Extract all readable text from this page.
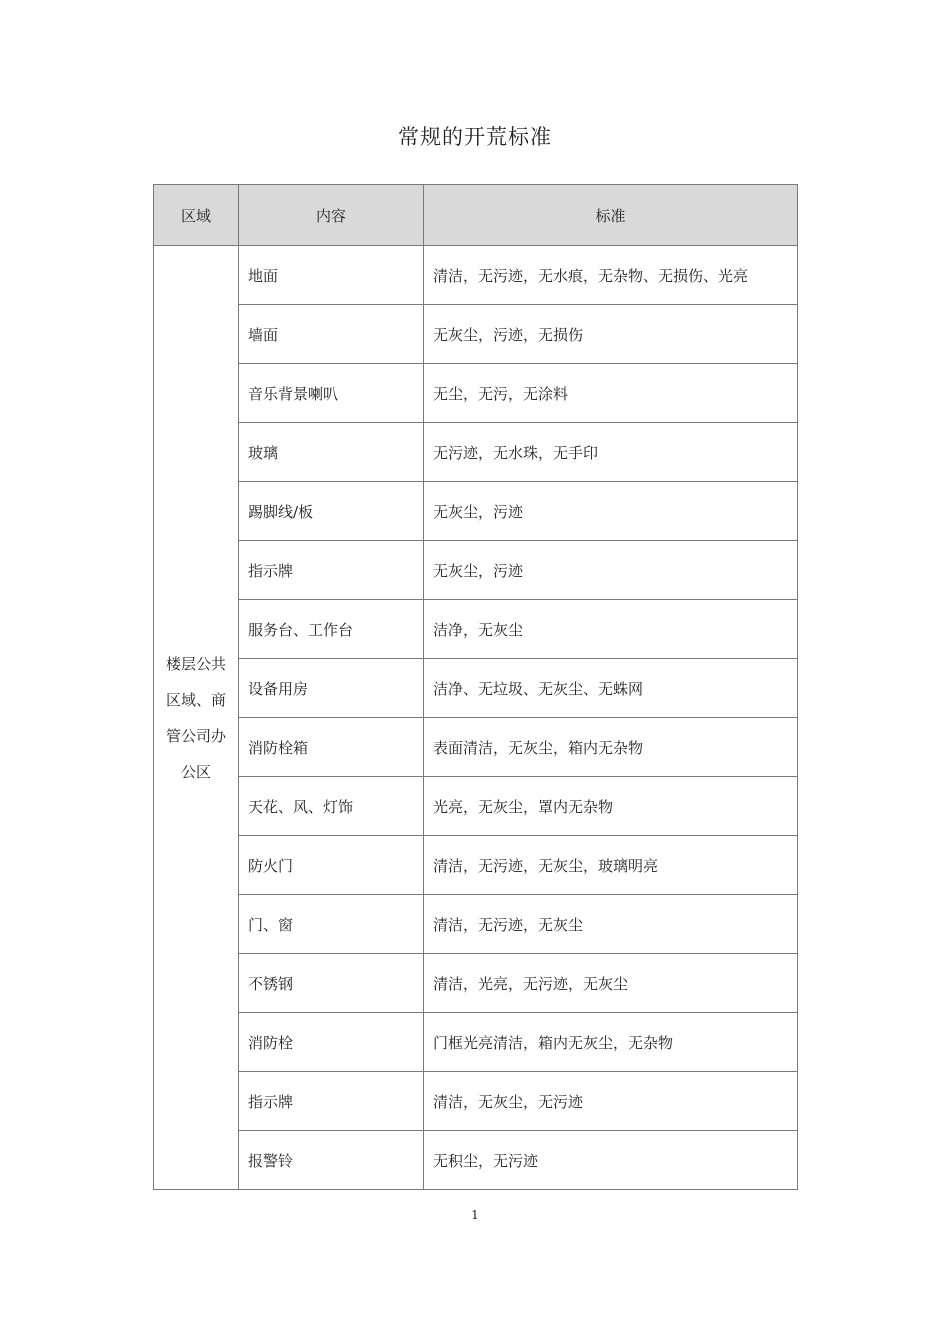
常规的开荒标准
区域	内容	标准

楼层公共
区域、商
管公司办
公区	地面	清洁，无污迹，无水痕，无杂物、无损伤、光亮
	墙面	无灰尘，污迹，无损伤
	音乐背景喇叭	无尘，无污，无涂料
	玻璃	无污迹，无水珠，无手印
	踢脚线/板	无灰尘，污迹
	指示牌	无灰尘，污迹
	服务台、工作台	洁净，无灰尘
	设备用房	洁净、无垃圾、无灰尘、无蛛网
	消防栓箱	表面清洁，无灰尘，箱内无杂物
	天花、风、灯饰	光亮，无灰尘，罩内无杂物
	防火门	清洁，无污迹，无灰尘，玻璃明亮
	门、窗	清洁，无污迹，无灰尘
	不锈钢	清洁，光亮，无污迹，无灰尘
	消防栓	门框光亮清洁，箱内无灰尘，无杂物
	指示牌	清洁，无灰尘，无污迹
	报警铃	无积尘，无污迹
1
